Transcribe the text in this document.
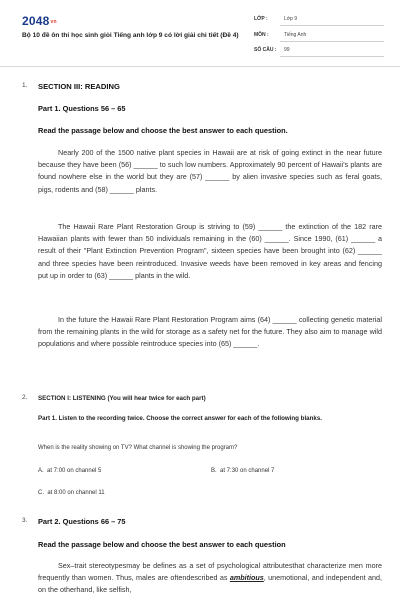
$2048_{vn}$
Bộ 10 đề ôn thi học sinh giỏi Tiếng anh lớp 9 có lời giải chi tiết (Đề 4)
LỚP :	Lớp 9
MÔN :	Tiếng Anh
SỐ CÂU : 99
1. SECTION III: READING
Part 1. Questions 56 – 65
Read the passage below and choose the best answer to each question.

Nearly 200 of the 1500 native plant species in Hawaii are at risk of going extinct in the near future because they have been (56) ______ to such low numbers. Approximately 90 percent of Hawaii's plants are found nowhere else in the world but they are (57) ______ by alien invasive species such as feral goats, pigs, rodents and (58) ______ plants.

The Hawaii Rare Plant Restoration Group is striving to (59) ______ the extinction of the 182 rare Hawaiian plants with fewer than 50 individuals remaining in the (60) ______. Since 1990, (61) ______ a result of their "Plant Extinction Prevention Program", sixteen species have been brought into (62) ______ and three species have been reintroduced. Invasive weeds have been removed in key areas and fencing put up in order to (63) ______ plants in the wild.

In the future the Hawaii Rare Plant Restoration Program aims (64) ______ collecting genetic material from the remaining plants in the wild for storage as a safety net for the future. They also aim to manage wild populations and where possible reintroduce species into (65) ______.

2. SECTION I: LISTENING (You will hear twice for each part)
Part 1. Listen to the recording twice. Choose the correct answer for each of the following blanks.
When is the reality showing on TV? What channel is showing the program?
A. at 7:00 on channel 5	B. at 7:30 on channel 7
C. at 8:00 on channel 11
3. Part 2. Questions 66 – 75
Read the passage below and choose the best answer to each question

Sex–trait stereotypesmay be defines as a set of psychological attributesthat characterize men more frequently than women. Thus, males are oftendescribed as ambitious, unemotional, and independent and, on the otherhand, like selfish,
